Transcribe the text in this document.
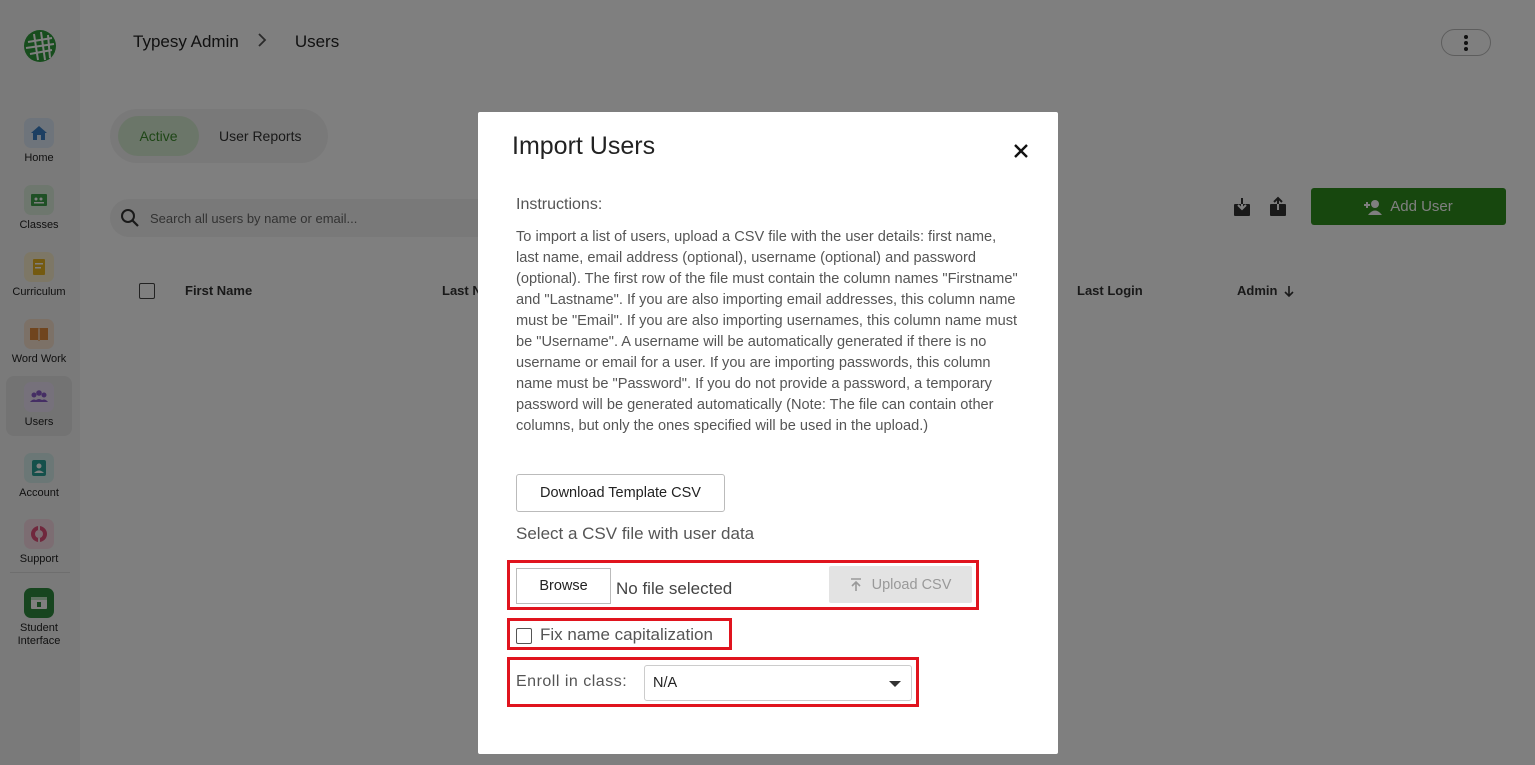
Search all users by name or email...
Import Users
Instructions:
To import a list of users, upload a CSV file with the user details: first name, last name, email address (optional), username (optional) and password (optional). The first row of the file must contain the column names "Firstname" and "Lastname". If you are also importing email addresses, this column name must be "Email". If you are also importing usernames, this column name must be "Username". A username will be automatically generated if there is no username or email for a user. If you are importing passwords, this column name must be "Password". If you do not provide a password, a temporary password will be generated automatically (Note: The file can contain other columns, but only the ones specified will be used in the upload.)
Download Template CSV
Select a CSV file with user data
Browse	No file selected	Upload CSV
Fix name capitalization
Enroll in class: N/A
